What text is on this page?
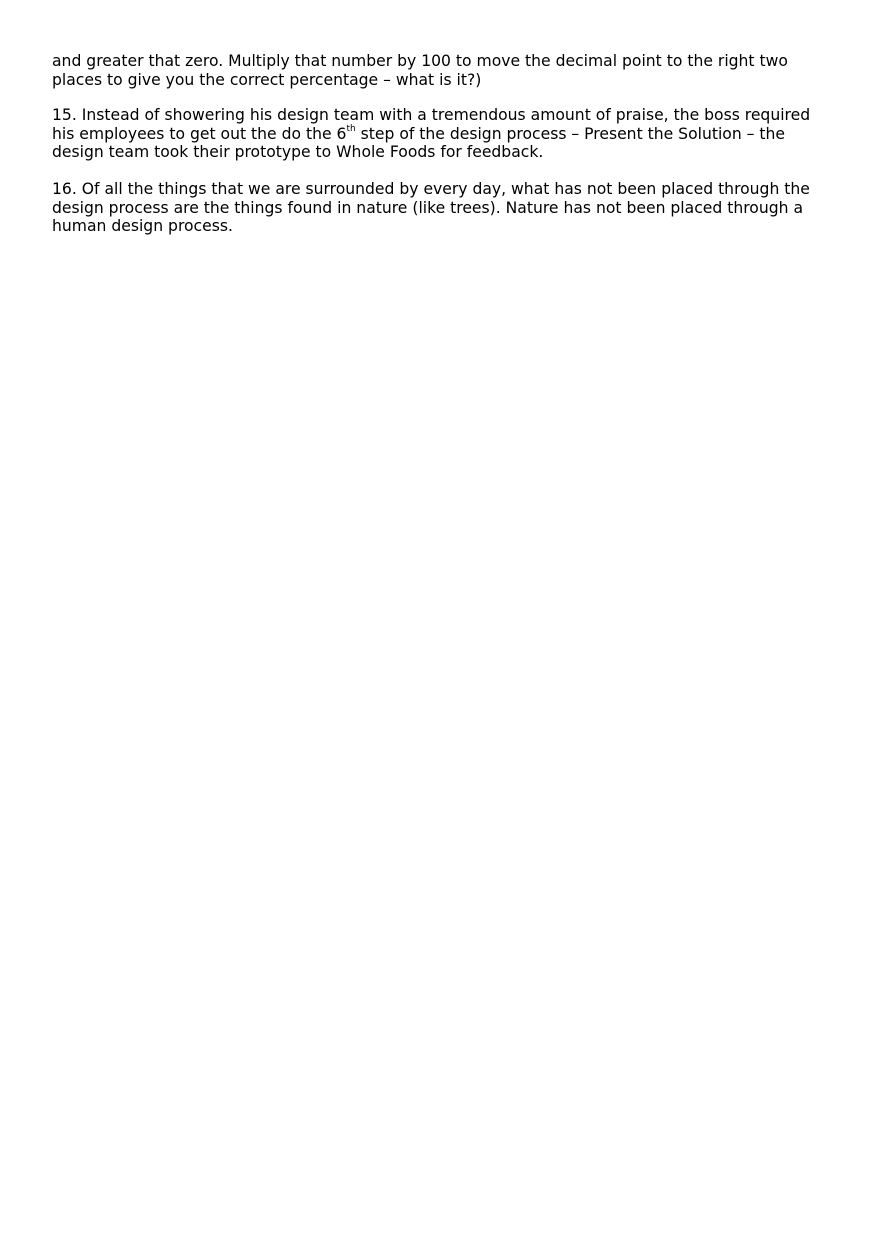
and greater that zero. Multiply that number by 100 to move the decimal point to the right two places to give you the correct percentage – what is it?)

15. Instead of showering his design team with a tremendous amount of praise, the boss required his employees to get out the do the 6th step of the design process – Present the Solution – the design team took their prototype to Whole Foods for feedback.

16. Of all the things that we are surrounded by every day, what has not been placed through the design process are the things found in nature (like trees). Nature has not been placed through a human design process.
